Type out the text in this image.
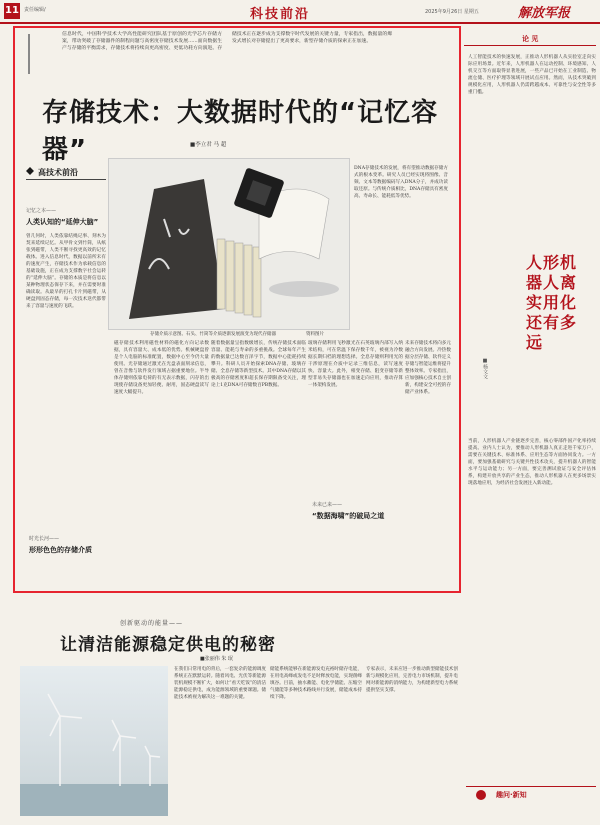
11 责任编辑/	科技前沿	2025年9月26日 星期五	解放军报
信息时代，中国科学技术大学高性能研究团队基于原创的光学芯片存储方案，带动突破了存储器件的制程问题与高密度存储技术发展……面向数据生产与存储的平衡需求，存储技术将持续向更高密度、更低功耗方向演进。存储技术正在逐步成为支撑数字时代发展的关键力量，专家指出，数据量的爆发式增长对存储提出了更高要求，新型存储介质的探索正在加速。
存储技术：大数据时代的“记忆容器”	■李立君 马 超
高技术前沿
存储介质示意图。石头、竹简等介质逐渐发展演变为现代存储器	资料图片
记忆之本——
人类认知的“延伸大脑”
曾几何时，人类依靠结绳记事、刻木为契来延续记忆。从甲骨文到竹简，从纸张到磁带，人类不断寻找更高效的记忆载体。进入信息时代，数据以前所未有的速度产生，存储技术作为承载信息的基础设施，正在成为支撑数字社会运转的“延伸大脑”。存储的本质是将信息以某种物理状态保存下来，并在需要时准确读取。从最早的打孔卡片到磁带，从硬盘到固态存储，每一次技术迭代都带来了容量与速度的飞跃。
时光长河——
形形色色的存储介质
DNA存储技术的发展，将有望推动数据存储方式的根本变革。研究人员已经实现将图像、音频、文本等数据编码写入DNA分子，并成功读取还原。与传统介质相比，DNA存储具有密度高、寿命长、能耗低等优势。
磁存储技术利用磁性材料的磁化方向记录数据，具有容量大、成本低的优势。机械硬盘曾是个人电脑的标准配置，数据中心至今仍大量使用。光存储通过激光在光盘表面刻录信息，曾在音像与软件发行领域占据重要地位。半导体存储则依靠电荷的有无表示数据，闪存的出现使存储设备更加轻便、耐用，固态硬盘读写速度大幅提升。
随着数据量呈指数级增长，传统存储技术面临容量、能耗与寿命的多重挑战。全球每年产生的数据量已达数百泽字节，数据中心能耗持续攀升。科研人员开始探索DNA存储、玻璃存储、全息存储等新型技术。其中DNA存储以其极高的存储密度和超长保存期限备受关注，理论上1克DNA可存储数百PB数据。
玻璃存储利用飞秒激光在石英玻璃内部写入纳米结构，可在常温下保存数千年，被视为冷数据长期归档的理想选择。全息存储则利用光的干涉原理在介质中记录三维信息，读写速度快、容量大。此外，相变存储、阻变存储等新型非易失存储器也在加速走向应用，推动存算一体架构发展。
未来存储技术将向多元融合方向发展。冷热数据分层存储、软件定义存储与智能运维将提升整体效率。专家指出，应加强核心技术自主创新，构建安全可控的存储产业体系。
未来已来——
“数据海啸”的破局之道
论 见
人工智能技术的快速发展，正推动人形机器人从实验室走向实际应用场景。近年来，人形机器人在运动控制、环境感知、人机交互等方面取得显著进展，一些产品已开始在工业制造、物流仓储、医疗护理等领域开展试点应用。然而，从技术突破到规模化应用，人形机器人仍需跨越成本、可靠性与安全性等多重门槛。
人形机器人离实用化还有多远
■杨文文
当前，人形机器人产业链逐步完善，核心零部件国产化率持续提高。业内人士认为，要推动人形机器人真正走进千家万户，需要在关键技术、标准体系、应用生态等方面协同发力。一方面，要加强基础研究与关键共性技术攻关，提升机器人的智能水平与运动能力；另一方面，要完善测试验证与安全评估体系，构建开放共享的产业生态，推动人形机器人在更多场景实现落地应用，为经济社会发展注入新动能。
创新驱动的能量——
让清洁能源稳定供电的秘密
■张丽伟 朱 珉
在我们日常用电的背后，一套复杂的能源调度系统正在默默运转。随着风电、光伏等新能源装机规模不断扩大，如何让“看天吃饭”的清洁能源稳定供电，成为能源领域的重要课题。储能技术被视为解决这一难题的关键。
储能系统能够在新能源发电充裕时储存电能，在用电高峰或发电不足时释放电能，实现削峰填谷。目前，抽水蓄能、电化学储能、压缩空气储能等多种技术路线并行发展，储能成本持续下降。
专家表示，未来应进一步推动新型储能技术创新与规模化应用，完善电力市场机制，提升电网对新能源的消纳能力，为构建新型电力系统提供坚实支撑。
趣问·新知
